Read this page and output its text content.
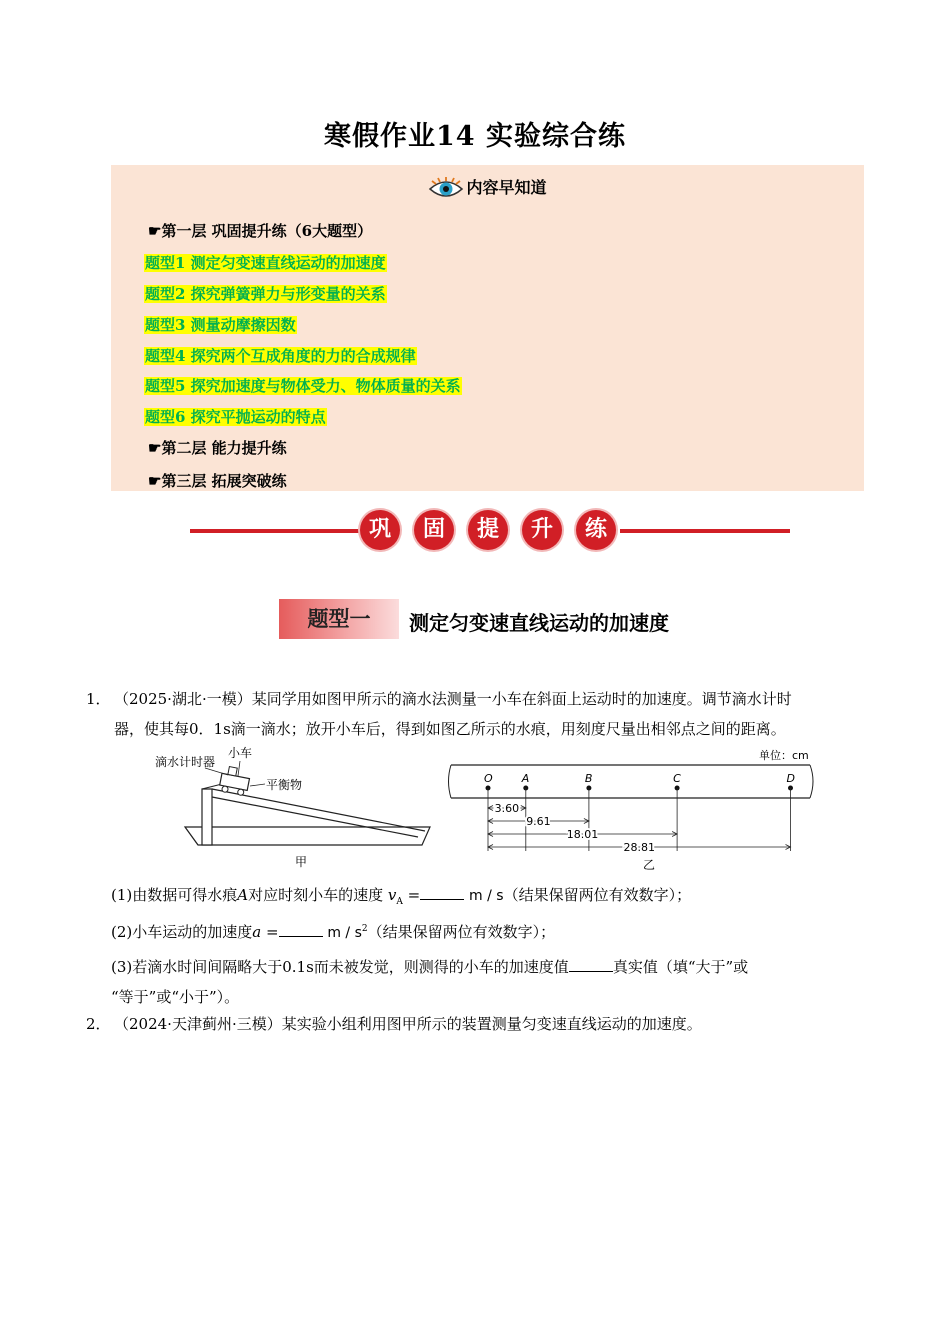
寒假作业14 实验综合练
内容早知道
☛第一层 巩固提升练（6大题型）
题型1 测定匀变速直线运动的加速度
题型2 探究弹簧弹力与形变量的关系
题型3 测量动摩擦因数
题型4 探究两个互成角度的力的合成规律
题型5 探究加速度与物体受力、物体质量的关系
题型6 探究平抛运动的特点
☛第二层 能力提升练
☛第三层 拓展突破练
巩	固	提	升	练
题型一	测定匀变速直线运动的加速度
1． （2025·湖北·一模）某同学用如图甲所示的滴水法测量一小车在斜面上运动时的加速度。调节滴水计时
器，使其每0．1s滴一滴水；放开小车后，得到如图乙所示的水痕，用刻度尺量出相邻点之间的距离。
滴水计时器
小车
平衡物
甲
单位：cm
O	A	B	C	D
3.60
9.61
18.01
28.81
乙
(1)由数据可得水痕A对应时刻小车的速度 $v_A$ =	m / s（结果保留两位有效数字）；
(2)小车运动的加速度a =	m / $s^2$（结果保留两位有效数字）；
(3)若滴水时间间隔略大于0.1s而未被发觉，则测得的小车的加速度值	真实值（填“大于”或
“等于”或“小于”）。
2． （2024·天津蓟州·三模）某实验小组利用图甲所示的装置测量匀变速直线运动的加速度。
